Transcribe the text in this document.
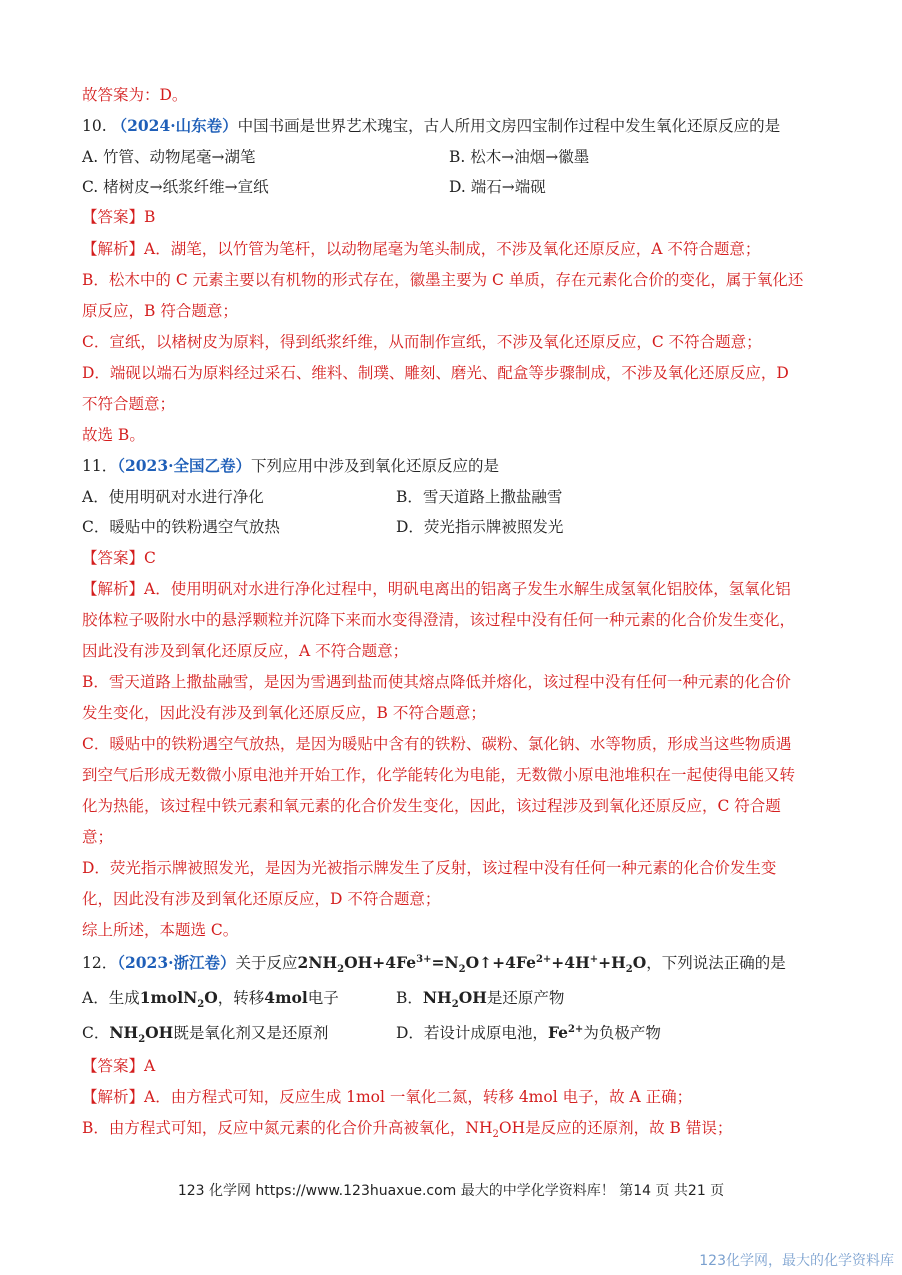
故答案为：D。
10. （2024·山东卷）中国书画是世界艺术瑰宝，古人所用文房四宝制作过程中发生氧化还原反应的是
A. 竹管、动物尾毫→湖笔	B. 松木→油烟→徽墨
C. 楮树皮→纸浆纤维→宣纸	D. 端石→端砚
【答案】B
【解析】A．湖笔，以竹管为笔杆，以动物尾毫为笔头制成，不涉及氧化还原反应，A 不符合题意；
B．松木中的 C 元素主要以有机物的形式存在，徽墨主要为 C 单质，存在元素化合价的变化，属于氧化还
原反应，B 符合题意；
C．宣纸，以楮树皮为原料，得到纸浆纤维，从而制作宣纸，不涉及氧化还原反应，C 不符合题意；
D．端砚以端石为原料经过采石、维料、制璞、雕刻、磨光、配盒等步骤制成，不涉及氧化还原反应，D
不符合题意；
故选 B。
11．（2023·全国乙卷）下列应用中涉及到氧化还原反应的是
A．使用明矾对水进行净化	B．雪天道路上撒盐融雪
C．暖贴中的铁粉遇空气放热	D．荧光指示牌被照发光
【答案】C
【解析】A．使用明矾对水进行净化过程中，明矾电离出的铝离子发生水解生成氢氧化铝胶体，氢氧化铝
胶体粒子吸附水中的悬浮颗粒并沉降下来而水变得澄清，该过程中没有任何一种元素的化合价发生变化，
因此没有涉及到氧化还原反应，A 不符合题意；
B．雪天道路上撒盐融雪，是因为雪遇到盐而使其熔点降低并熔化，该过程中没有任何一种元素的化合价
发生变化，因此没有涉及到氧化还原反应，B 不符合题意；
C．暖贴中的铁粉遇空气放热，是因为暖贴中含有的铁粉、碳粉、氯化钠、水等物质，形成当这些物质遇
到空气后形成无数微小原电池并开始工作，化学能转化为电能，无数微小原电池堆积在一起使得电能又转
化为热能，该过程中铁元素和氧元素的化合价发生变化，因此，该过程涉及到氧化还原反应，C 符合题
意；
D．荧光指示牌被照发光，是因为光被指示牌发生了反射，该过程中没有任何一种元素的化合价发生变
化，因此没有涉及到氧化还原反应，D 不符合题意；
综上所述，本题选 C。
12．（2023·浙江卷）关于反应$2NH_2OH+4Fe^{3+}=N_2O↑+4Fe^{2+}+4H^++H_2O$，下列说法正确的是
A．生成1molN$_2$O，转移4mol电子	B．$NH_2OH$是还原产物
C．$NH_2OH$既是氧化剂又是还原剂	D．若设计成原电池，$Fe^{2+}$为负极产物
【答案】A
【解析】A．由方程式可知，反应生成 1mol 一氧化二氮，转移 4mol 电子，故 A 正确；
B．由方程式可知，反应中氮元素的化合价升高被氧化，$NH_2OH$是反应的还原剂，故 B 错误；
123 化学网 https://www.123huaxue.com 最大的中学化学资料库！ 第14 页 共21 页
123化学网，最大的化学资料库
